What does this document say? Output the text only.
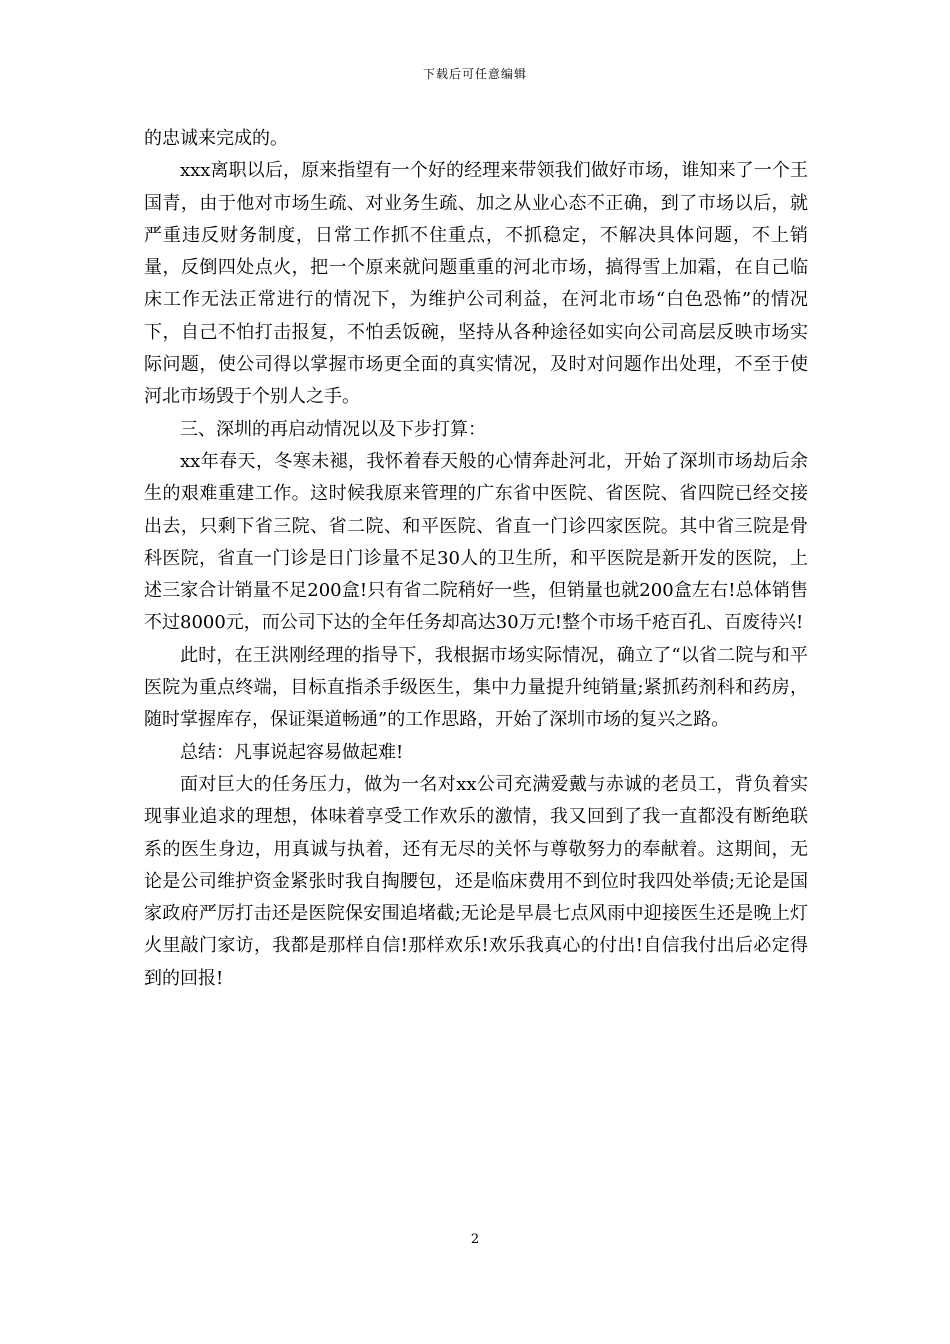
下载后可任意编辑

的忠诚来完成的。

xxx离职以后，原来指望有一个好的经理来带领我们做好市场，谁知来了一个王国青，由于他对市场生疏、对业务生疏、加之从业心态不正确，到了市场以后，就严重违反财务制度，日常工作抓不住重点，不抓稳定，不解决具体问题，不上销量，反倒四处点火，把一个原来就问题重重的河北市场，搞得雪上加霜，在自己临床工作无法正常进行的情况下，为维护公司利益，在河北市场“白色恐怖”的情况下，自己不怕打击报复，不怕丢饭碗，坚持从各种途径如实向公司高层反映市场实际问题，使公司得以掌握市场更全面的真实情况，及时对问题作出处理，不至于使河北市场毁于个别人之手。

三、深圳的再启动情况以及下步打算：

xx年春天，冬寒未褪，我怀着春天般的心情奔赴河北，开始了深圳市场劫后余生的艰难重建工作。这时候我原来管理的广东省中医院、省医院、省四院已经交接出去，只剩下省三院、省二院、和平医院、省直一门诊四家医院。其中省三院是骨科医院，省直一门诊是日门诊量不足30人的卫生所，和平医院是新开发的医院，上述三家合计销量不足200盒!只有省二院稍好一些，但销量也就200盒左右!总体销售不过8000元，而公司下达的全年任务却高达30万元!整个市场千疮百孔、百废待兴!

此时，在王洪刚经理的指导下，我根据市场实际情况，确立了“以省二院与和平医院为重点终端，目标直指杀手级医生，集中力量提升纯销量;紧抓药剂科和药房，随时掌握库存，保证渠道畅通”的工作思路，开始了深圳市场的复兴之路。

总结：凡事说起容易做起难!

面对巨大的任务压力，做为一名对xx公司充满爱戴与赤诚的老员工，背负着实现事业追求的理想，体味着享受工作欢乐的激情，我又回到了我一直都没有断绝联系的医生身边，用真诚与执着，还有无尽的关怀与尊敬努力的奉献着。这期间，无论是公司维护资金紧张时我自掏腰包，还是临床费用不到位时我四处举债;无论是国家政府严厉打击还是医院保安围追堵截;无论是早晨七点风雨中迎接医生还是晚上灯火里敲门家访，我都是那样自信!那样欢乐!欢乐我真心的付出!自信我付出后必定得到的回报!

2
